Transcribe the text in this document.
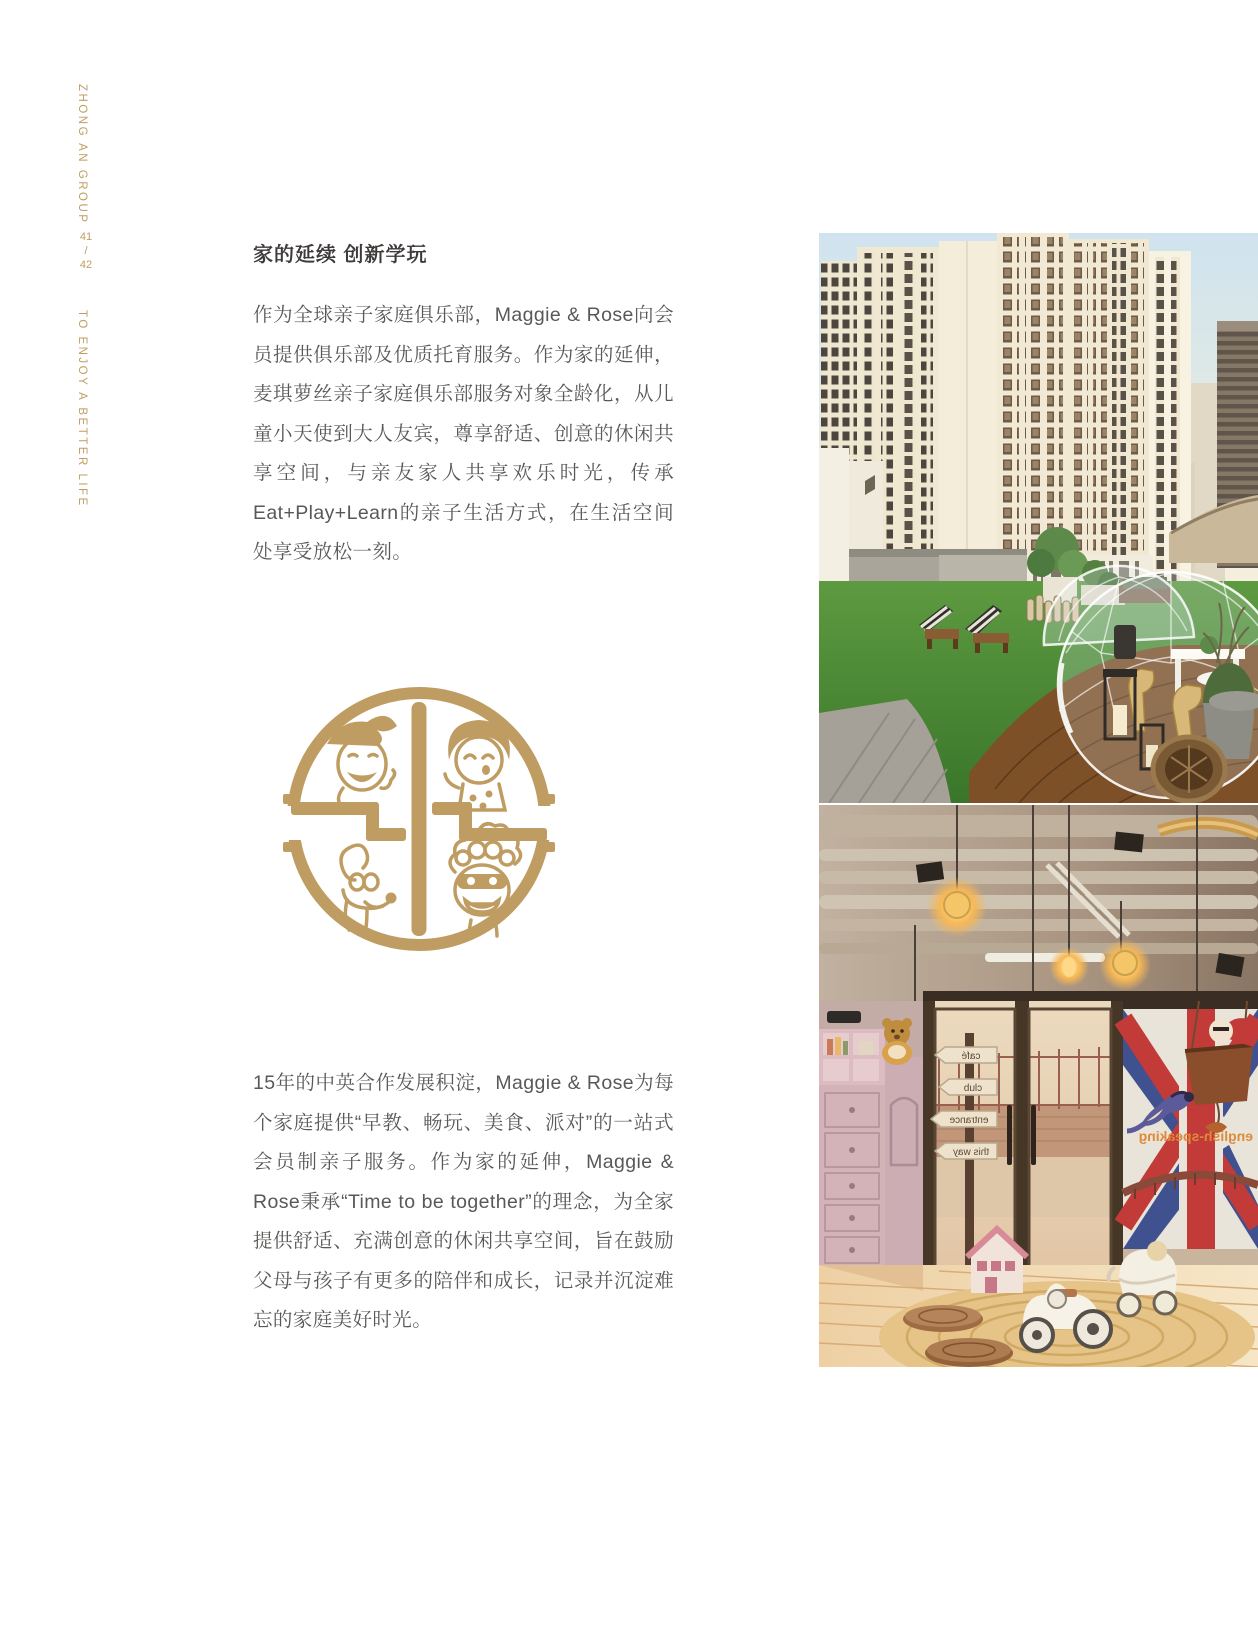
ZHONG AN GROUP
41
/
42
TO ENJOY A BETTER LIFE
家的延续 创新学玩
作为全球亲子家庭俱乐部，Maggie & Rose向会员提供俱乐部及优质托育服务。作为家的延伸，麦琪萝丝亲子家庭俱乐部服务对象全龄化，从儿童小天使到大人友宾，尊享舒适、创意的休闲共享空间，与亲友家人共享欢乐时光，传承Eat+Play+Learn的亲子生活方式，在生活空间处享受放松一刻。
15年的中英合作发展积淀，Maggie & Rose为每个家庭提供“早教、畅玩、美食、派对”的一站式会员制亲子服务。作为家的延伸，Maggie & Rose秉承“Time to be together”的理念，为全家提供舒适、充满创意的休闲共享空间，旨在鼓励父母与孩子有更多的陪伴和成长，记录并沉淀难忘的家庭美好时光。
café
club
entrance
this way
english-speaking
